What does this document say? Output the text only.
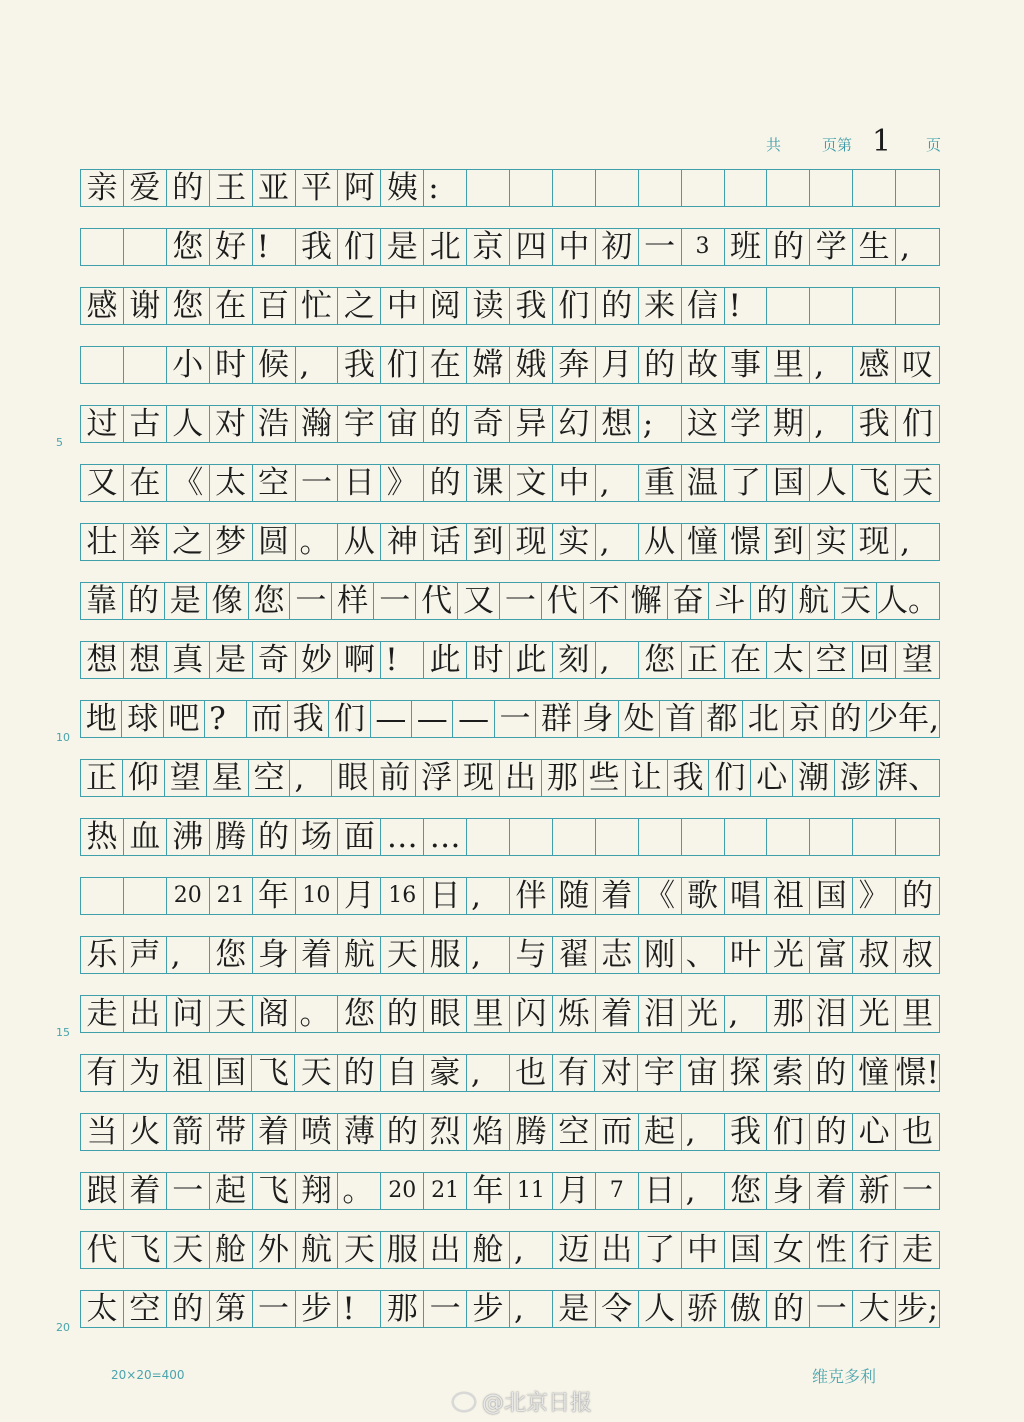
共	页第 1 页
亲 爱 的 王 亚 平 阿 姨 :
您 好 !	我 们 是 北 京 四 中 初 一 3 班 的 学 生 ,
感 谢 您 在 百 忙 之 中 阅 读 我 们 的 来 信 !
小 时 候 ,	我 们 在 嫦 娥 奔 月 的 故 事 里 ,	感 叹
过 古 人 对 浩 瀚 宇 宙 的 奇 异 幻 想 ;	这 学 期 ,	我 们
又 在 《 太 空 一 日 》 的 课 文 中 ,	重 温 了 国 人 飞 天
壮 举 之 梦 圆 。 从 神 话 到 现 实 ,	从 憧 憬 到 实 现 ,
靠 的 是 像 您 一 样 一 代 又 一 代 不 懈 奋 斗 的 航 天 人。
想 想 真 是 奇 妙 啊 !	此 时 此 刻 ,	您 正 在 太 空 回 望
地 球 吧 ? 而 我 们 — — — 一 群 身 处 首 都 北 京 的 少年,
正 仰 望 星 空 ,	眼 前 浮 现 出 那 些 让 我 们 心 潮 澎 湃、
热 血 沸 腾 的 场 面 … …
20 21 年 10 月 16 日 ,	伴 随 着 《 歌 唱 祖 国 》 的
乐 声 ,	您 身 着 航 天 服 ,	与 翟 志 刚 、 叶 光 富 叔 叔
走 出 问 天 阁 。 您 的 眼 里 闪 烁 着 泪 光 ,	那 泪 光 里
有 为 祖 国 飞 天 的 自 豪 ,	也 有 对 宇 宙 探 索 的 憧 憬!
当 火 箭 带 着 喷 薄 的 烈 焰 腾 空 而 起 ,	我 们 的 心 也
跟 着 一 起 飞 翔 。 20 21 年 11 月 7 日 ,	您 身 着 新 一
代 飞 天 舱 外 航 天 服 出 舱 ,	迈 出 了 中 国 女 性 行 走
太 空 的 第 一 步 !	那 一 步 ,	是 令 人 骄 傲 的 一 大 步;
5
10
15
20
20×20=400	维克多利
@北京日报
